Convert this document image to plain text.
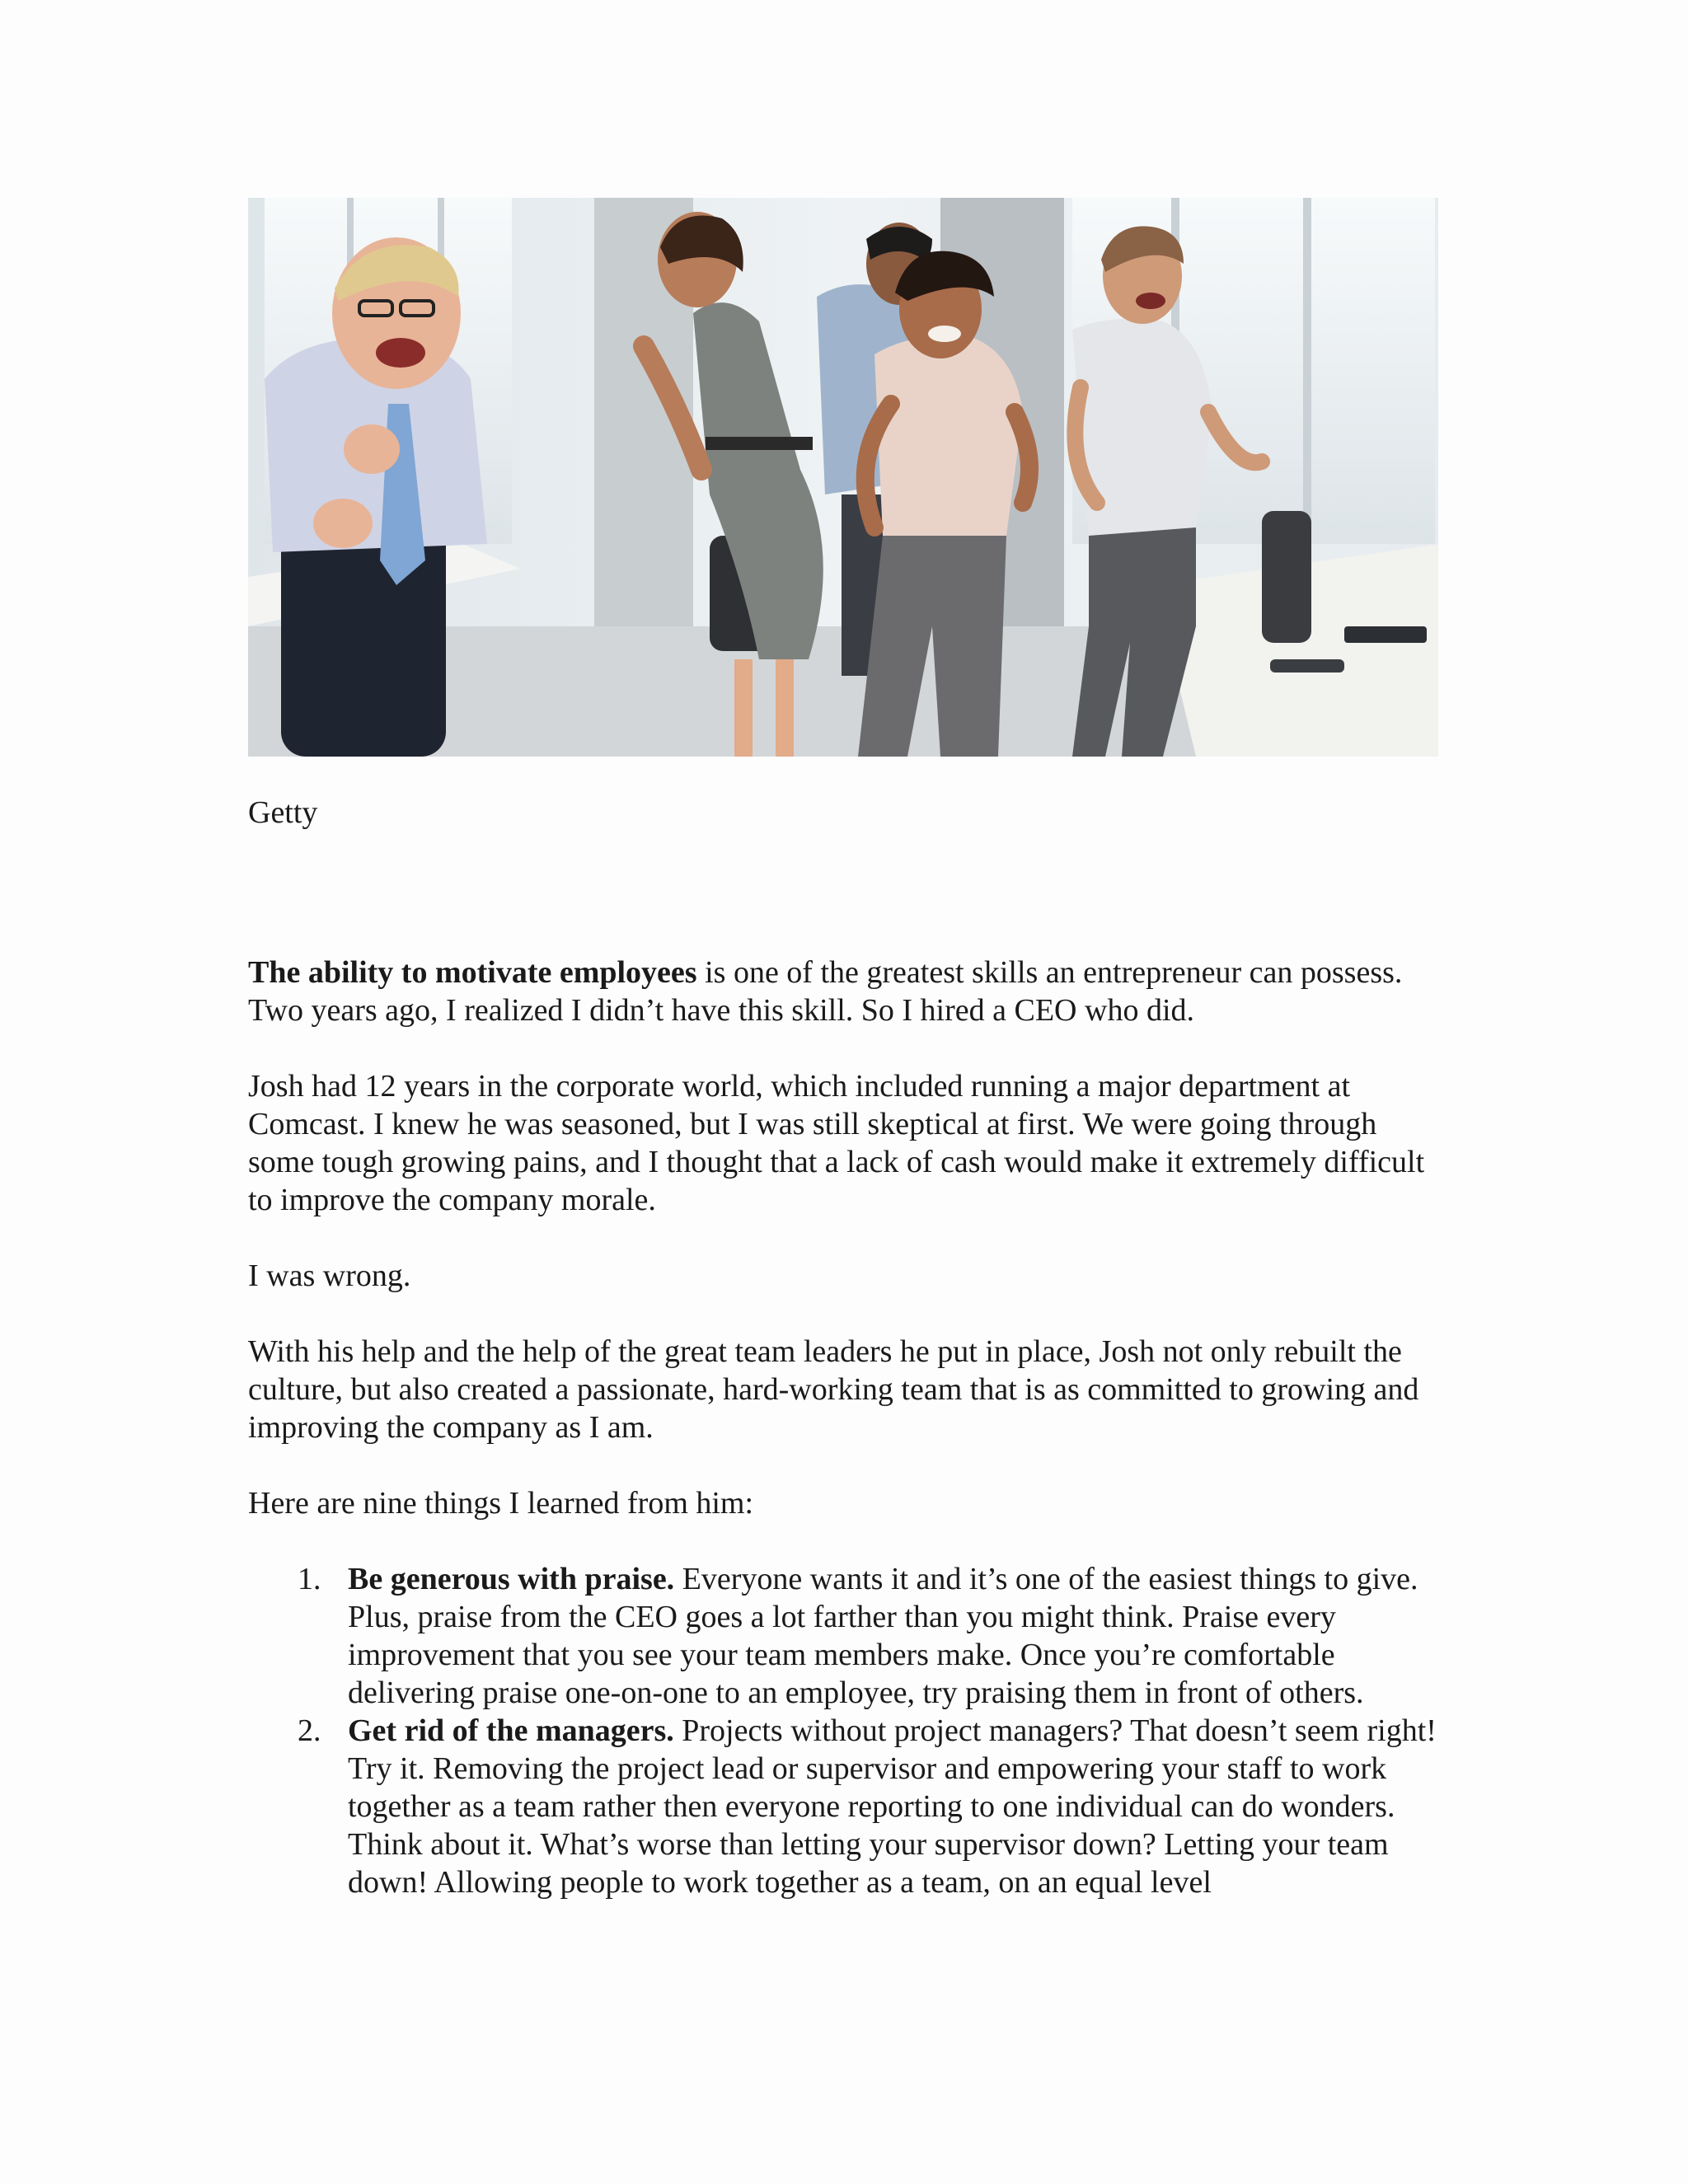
Getty

The ability to motivate employees is one of the greatest skills an entrepreneur can possess. Two years ago, I realized I didn’t have this skill. So I hired a CEO who did.

Josh had 12 years in the corporate world, which included running a major department at Comcast. I knew he was seasoned, but I was still skeptical at first. We were going through some tough growing pains, and I thought that a lack of cash would make it extremely difficult to improve the company morale.

I was wrong.

With his help and the help of the great team leaders he put in place, Josh not only rebuilt the culture, but also created a passionate, hard-working team that is as committed to growing and improving the company as I am.

Here are nine things I learned from him:

1. Be generous with praise. Everyone wants it and it’s one of the easiest things to give. Plus, praise from the CEO goes a lot farther than you might think. Praise every improvement that you see your team members make. Once you’re comfortable delivering praise one-on-one to an employee, try praising them in front of others.
2. Get rid of the managers. Projects without project managers? That doesn’t seem right! Try it. Removing the project lead or supervisor and empowering your staff to work together as a team rather then everyone reporting to one individual can do wonders. Think about it. What’s worse than letting your supervisor down? Letting your team down! Allowing people to work together as a team, on an equal level
